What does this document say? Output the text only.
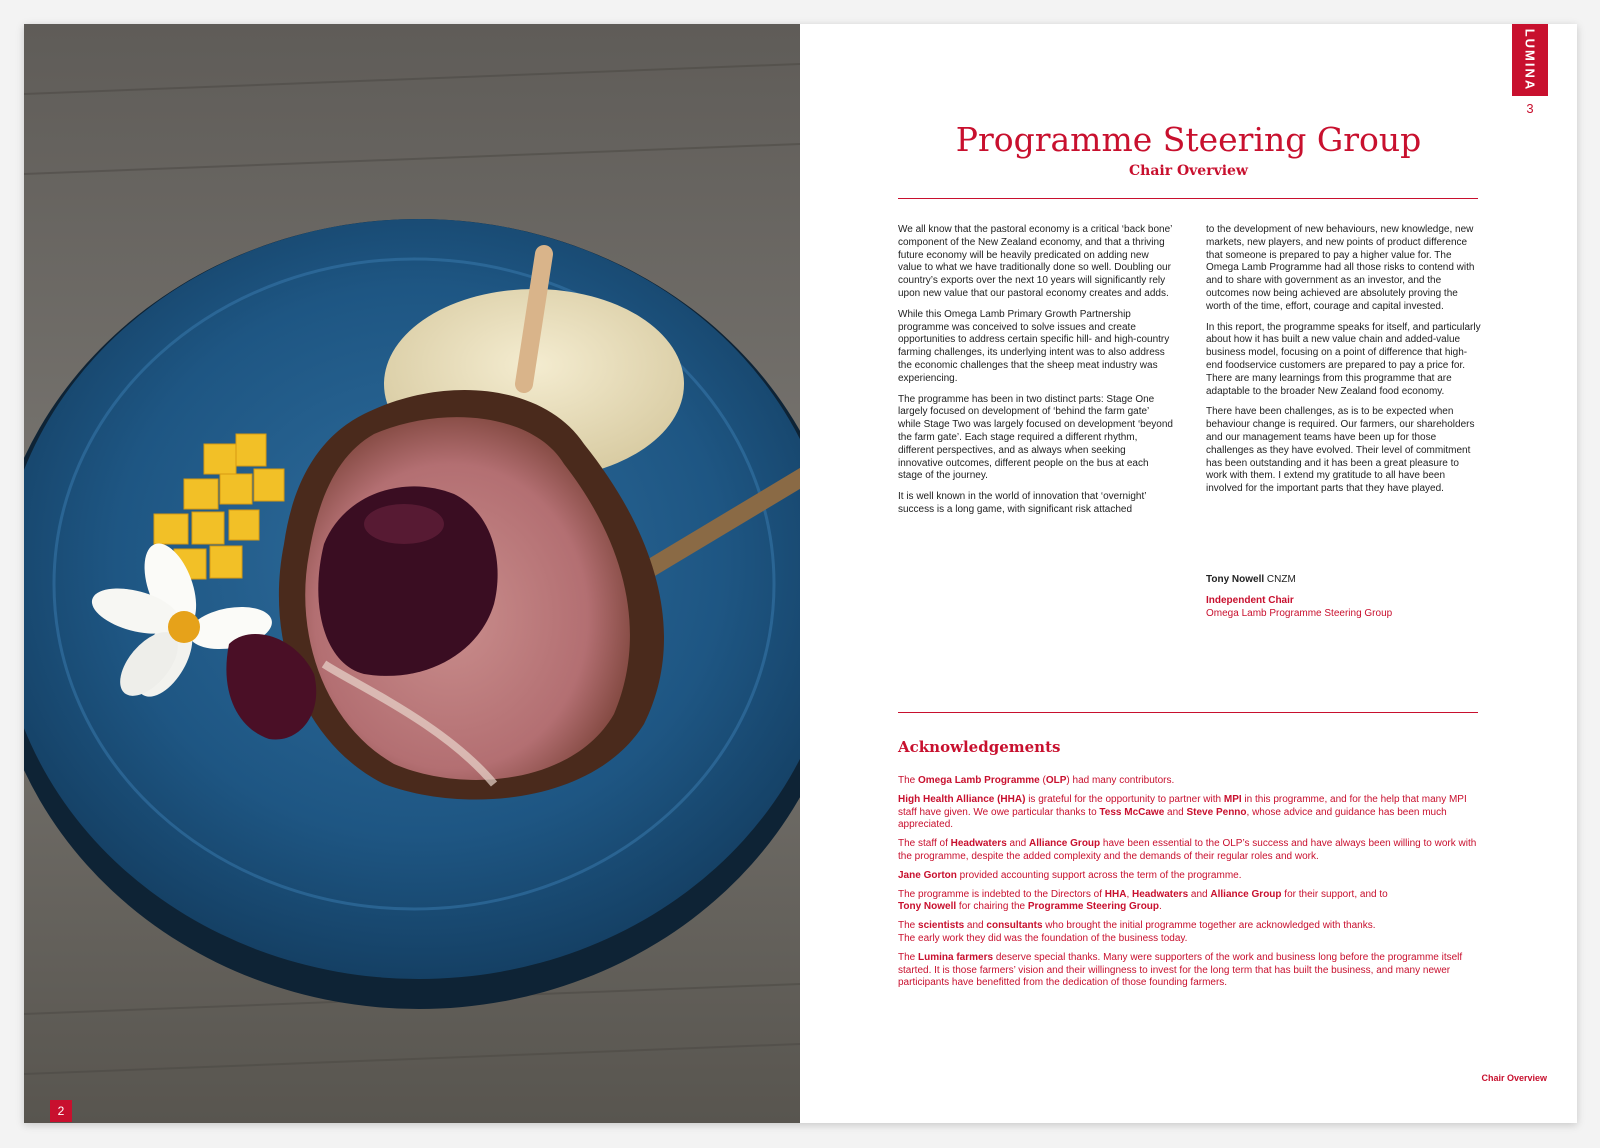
2
LUMINA
3
Programme Steering Group
Chair Overview

We all know that the pastoral economy is a critical ‘back bone’ component of the New Zealand economy, and that a thriving future economy will be heavily predicated on adding new value to what we have traditionally done so well. Doubling our country’s exports over the next 10 years will significantly rely upon new value that our pastoral economy creates and adds.

While this Omega Lamb Primary Growth Partnership programme was conceived to solve issues and create opportunities to address certain specific hill- and high-country farming challenges, its underlying intent was to also address the economic challenges that the sheep meat industry was experiencing.

The programme has been in two distinct parts: Stage One largely focused on development of ‘behind the farm gate’ while Stage Two was largely focused on development ‘beyond the farm gate’. Each stage required a different rhythm, different perspectives, and as always when seeking innovative outcomes, different people on the bus at each stage of the journey.

It is well known in the world of innovation that ‘overnight’ success is a long game, with significant risk attached

to the development of new behaviours, new knowledge, new markets, new players, and new points of product difference that someone is prepared to pay a higher value for. The Omega Lamb Programme had all those risks to contend with and to share with government as an investor, and the outcomes now being achieved are absolutely proving the worth of the time, effort, courage and capital invested.

In this report, the programme speaks for itself, and particularly about how it has built a new value chain and added-value business model, focusing on a point of difference that high-end foodservice customers are prepared to pay a price for. There are many learnings from this programme that are adaptable to the broader New Zealand food economy.

There have been challenges, as is to be expected when behaviour change is required. Our farmers, our shareholders and our management teams have been up for those challenges as they have evolved. Their level of commitment has been outstanding and it has been a great pleasure to work with them. I extend my gratitude to all have been involved for the important parts that they have played.

Tony Nowell CNZM
Independent Chair
Omega Lamb Programme Steering Group
Acknowledgements

The Omega Lamb Programme (OLP) had many contributors.

High Health Alliance (HHA) is grateful for the opportunity to partner with MPI in this programme, and for the help that many MPI staff have given. We owe particular thanks to Tess McCawe and Steve Penno, whose advice and guidance has been much appreciated.

The staff of Headwaters and Alliance Group have been essential to the OLP’s success and have always been willing to work with the programme, despite the added complexity and the demands of their regular roles and work.

Jane Gorton provided accounting support across the term of the programme.

The programme is indebted to the Directors of HHA, Headwaters and Alliance Group for their support, and to
Tony Nowell for chairing the Programme Steering Group.

The scientists and consultants who brought the initial programme together are acknowledged with thanks.
The early work they did was the foundation of the business today.

The Lumina farmers deserve special thanks. Many were supporters of the work and business long before the programme itself started. It is those farmers’ vision and their willingness to invest for the long term that has built the business, and many newer participants have benefitted from the dedication of those founding farmers.

Chair Overview
